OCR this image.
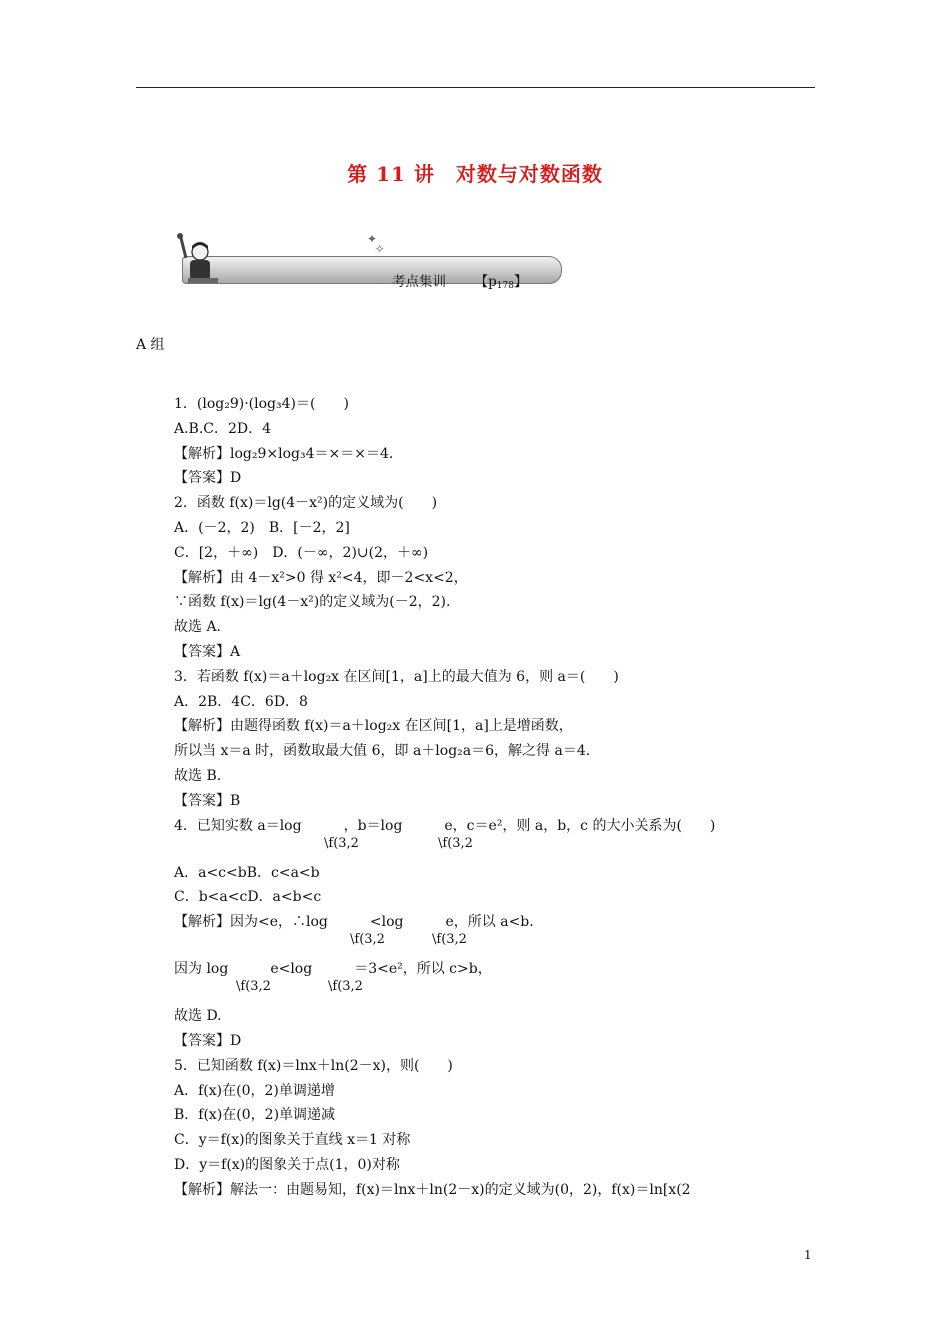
第 11 讲　对数与对数函数
✦
✧
考点集训 【$p_{178}$】
A 组
1．(log₂9)·(log₃4)＝(　　)
A.B.C．2D．4
【解析】log₂9×log₃4＝×＝×＝4.
【答案】D
2．函数 f(x)＝lg(4－x²)的定义域为(　　)
A．(－2，2)　B．[－2，2]
C．[2，＋∞)　D．(－∞，2)∪(2，＋∞)
【解析】由 4－x²>0 得 x²<4，即－2<x<2，
∵函数 f(x)＝lg(4－x²)的定义域为(－2，2).
故选 A.
【答案】A
3．若函数 f(x)＝a＋log₂x 在区间[1，a]上的最大值为 6，则 a＝(　　)
A．2B．4C．6D．8
【解析】由题得函数 f(x)＝a＋log₂x 在区间[1，a]上是增函数，
所以当 x＝a 时，函数取最大值 6，即 a＋log₂a＝6，解之得 a＝4.
故选 B.
【答案】B
4．已知实数 a＝log　　　，b＝log　　　e，c＝e²，则 a，b，c 的大小关系为(　　)
\f(3,2	\f(3,2
A．a<c<bB．c<a<b
C．b<a<cD．a<b<c
【解析】因为<e，∴log　　　<log　　　e，所以 a<b.
\f(3,2	\f(3,2
因为 log　　　e<log　　　＝3<e²，所以 c>b，
\f(3,2	\f(3,2
故选 D.
【答案】D
5．已知函数 f(x)＝lnx＋ln(2－x)，则(　　)
A．f(x)在(0，2)单调递增
B．f(x)在(0，2)单调递减
C．y＝f(x)的图象关于直线 x＝1 对称
D．y＝f(x)的图象关于点(1，0)对称
【解析】解法一：由题易知，f(x)＝lnx＋ln(2－x)的定义域为(0，2)，f(x)＝ln[x(2
1
